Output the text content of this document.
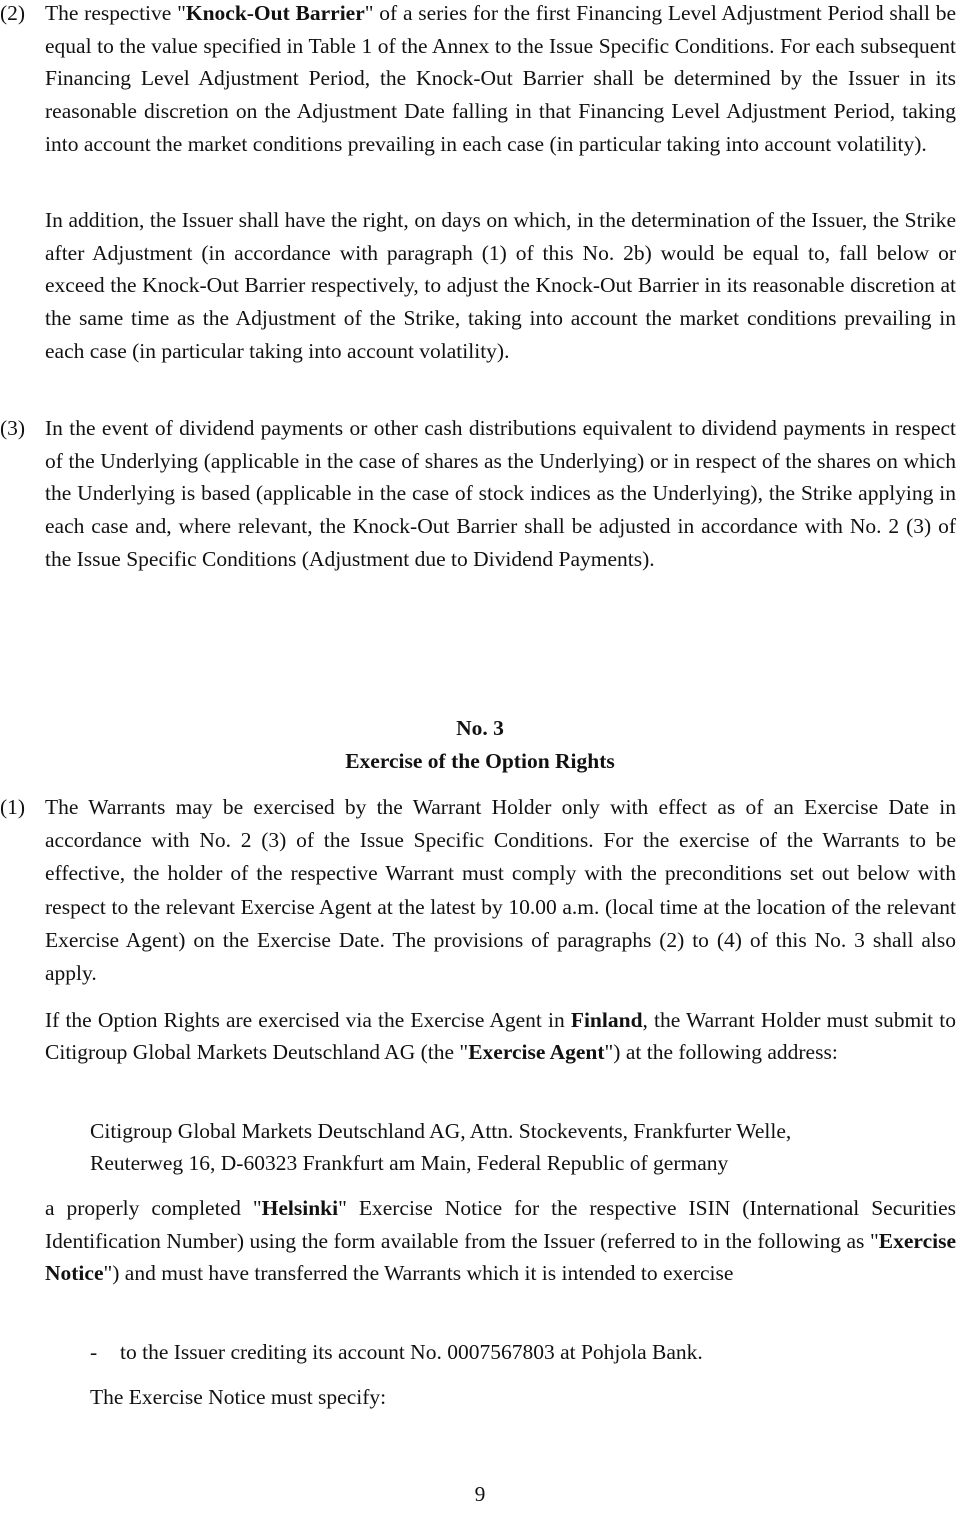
(2) The respective "Knock-Out Barrier" of a series for the first Financing Level Adjustment Period shall be equal to the value specified in Table 1 of the Annex to the Issue Specific Conditions. For each subsequent Financing Level Adjustment Period, the Knock-Out Barrier shall be determined by the Issuer in its reasonable discretion on the Adjustment Date falling in that Financing Level Adjustment Period, taking into account the market conditions prevailing in each case (in particular taking into account volatility).

In addition, the Issuer shall have the right, on days on which, in the determination of the Issuer, the Strike after Adjustment (in accordance with paragraph (1) of this No. 2b) would be equal to, fall below or exceed the Knock-Out Barrier respectively, to adjust the Knock-Out Barrier in its reasonable discretion at the same time as the Adjustment of the Strike, taking into account the market conditions prevailing in each case (in particular taking into account volatility).

(3) In the event of dividend payments or other cash distributions equivalent to dividend payments in respect of the Underlying (applicable in the case of shares as the Underlying) or in respect of the shares on which the Underlying is based (applicable in the case of stock indices as the Underlying), the Strike applying in each case and, where relevant, the Knock-Out Barrier shall be adjusted in accordance with No. 2 (3) of the Issue Specific Conditions (Adjustment due to Dividend Payments).

No. 3
Exercise of the Option Rights
(1) The Warrants may be exercised by the Warrant Holder only with effect as of an Exercise Date in accordance with No. 2 (3) of the Issue Specific Conditions. For the exercise of the Warrants to be effective, the holder of the respective Warrant must comply with the preconditions set out below with respect to the relevant Exercise Agent at the latest by 10.00 a.m. (local time at the location of the relevant Exercise Agent) on the Exercise Date. The provisions of paragraphs (2) to (4) of this No. 3 shall also apply.

If the Option Rights are exercised via the Exercise Agent in Finland, the Warrant Holder must submit to Citigroup Global Markets Deutschland AG (the "Exercise Agent") at the following address:

Citigroup Global Markets Deutschland AG, Attn. Stockevents, Frankfurter Welle,

Reuterweg 16, D-60323 Frankfurt am Main, Federal Republic of germany

a properly completed "Helsinki" Exercise Notice for the respective ISIN (International Securities Identification Number) using the form available from the Issuer (referred to in the following as "Exercise Notice") and must have transferred the Warrants which it is intended to exercise

- to the Issuer crediting its account No. 0007567803 at Pohjola Bank.

The Exercise Notice must specify:

9
